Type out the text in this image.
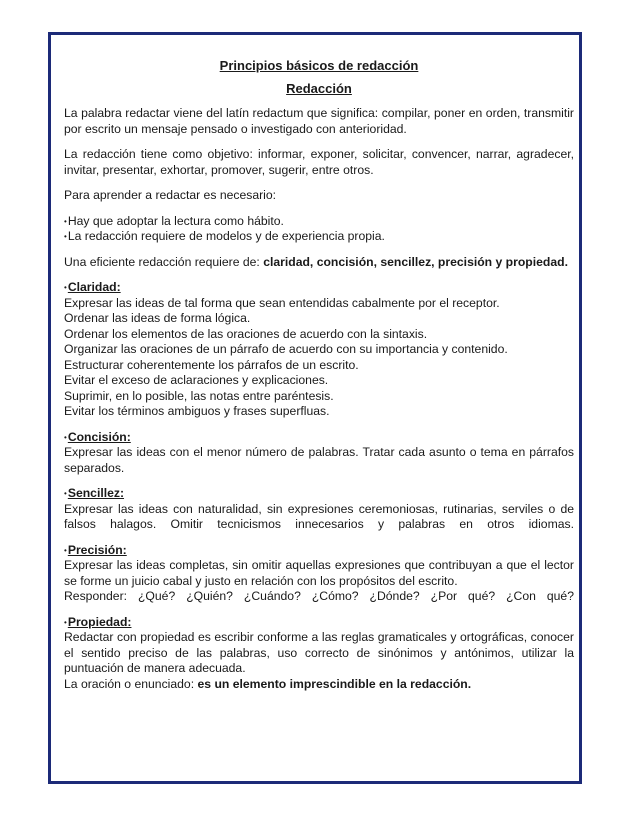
Principios básicos de redacción
Redacción

La palabra redactar viene del latín redactum que significa: compilar, poner en orden, transmitir por escrito un mensaje pensado o investigado con anterioridad.

La redacción tiene como objetivo: informar, exponer, solicitar, convencer, narrar, agradecer, invitar, presentar, exhortar, promover, sugerir, entre otros.

Para aprender a redactar es necesario:

•Hay que adoptar la lectura como hábito.
•La redacción requiere de modelos y de experiencia propia.

Una eficiente redacción requiere de: claridad, concisión, sencillez, precisión y propiedad.

•Claridad:
Expresar las ideas de tal forma que sean entendidas cabalmente por el receptor.
Ordenar las ideas de forma lógica.
Ordenar los elementos de las oraciones de acuerdo con la sintaxis.
Organizar las oraciones de un párrafo de acuerdo con su importancia y contenido.
Estructurar coherentemente los párrafos de un escrito.
Evitar el exceso de aclaraciones y explicaciones.
Suprimir, en lo posible, las notas entre paréntesis.
Evitar los términos ambiguos y frases superfluas.
•Concisión:

Expresar las ideas con el menor número de palabras. Tratar cada asunto o tema en párrafos separados.

•Sencillez:

Expresar las ideas con naturalidad, sin expresiones ceremoniosas, rutinarias, serviles o de falsos halagos. Omitir tecnicismos innecesarios y palabras en otros idiomas.

•Precisión:

Expresar las ideas completas, sin omitir aquellas expresiones que contribuyan a que el lector se forme un juicio cabal y justo en relación con los propósitos del escrito.

Responder: ¿Qué? ¿Quién? ¿Cuándo? ¿Cómo? ¿Dónde? ¿Por qué? ¿Con qué?

•Propiedad:

Redactar con propiedad es escribir conforme a las reglas gramaticales y ortográficas, conocer el sentido preciso de las palabras, uso correcto de sinónimos y antónimos, utilizar la puntuación de manera adecuada.

La oración o enunciado: es un elemento imprescindible en la redacción.
